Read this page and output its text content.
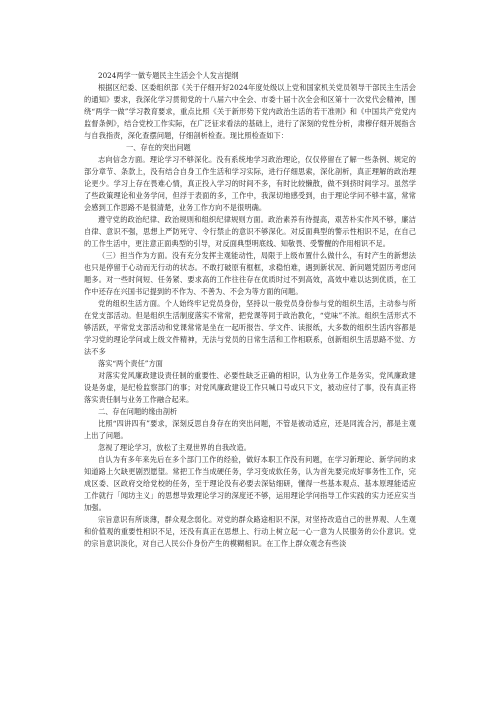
2024两学一做专题民主生活会个人发言提纲

根据区纪委、区委组织部《关于仔细开好2024年度处级以上党和国家机关党员领导干部民主生活会的通知》要求，我深化学习贯彻党的十八届六中全会、市委十届十次全会和区第十一次党代会精神，围绕“两学一做”学习教育要求，重点比照《关于新形势下党内政治生活的若干准则》和《中国共产党党内监督条例》，结合党校工作实际，在广泛征求看法的基础上，进行了深刻的党性分析，肃穆仔细开展指含与自我指责，深化查摆问题，仔细剖析检查。现比照检查如下：

一、存在的突出问题

志向信念方面。理论学习不够深化。没有系统地学习政治理论，仅仅停留在了解一些条例、规定的部分章节、条款上，没有结合自身工作生活和学习实际，进行仔细思索，深化剖析，真正理解的政治理论更少。学习上存在畏难心情，真正投入学习的时间不多，有时比较懒散，做不到挤时间学习。虽然学了些政策理论和业务学问，但浮于表面的多，工作中，我深切地感受到，由于理论学问不够丰富，常常会感到工作思路不是很清楚，业务工作方向不是很明确。

遵守党的政治纪律、政治规则和组织纪律规则方面。政治素养有待提高，艰苦朴实作风不够，廉洁自律、意识不强，思想上严防死守、令行禁止的意识不够深化。对反面典型的警示性相识不足，在自己的工作生活中，更注意正面典型的引导，对反面典型明底线、知敬畏、受警醒的作用相识不足。

（三）担当作为方面。没有充分发挥主观能动性，局限于上级布置什么做什么，有时产生的新想法也只是停留于心动而无行动的状态。不敢打破原有框框，求稳怕难，遇到新状况、新问题凭固历考虑问题多。对一些时间短、任务紧、要求高的工作往往存在优质时过不到高效，高效中难以达到优质，在工作中还存在兴国书记提到的不作为、不善为、不会为等方面的问题。

党的组织生活方面。个人始终牢记党员身份，坚持以一般党员身份参与党的组织生活，主动参与所在党支部活动。但是组织生活制度落实不常常，把党课等同于政治教化，“党味”不浓。组织生活形式不够活跃，平常党支部活动和党课常常是坐在一起听报告、学文件、读报纸，大多数的组织生活内容都是学习党的理论学问或上级文件精神，无法与党员的日常生活和工作相联系，创新组织生活思路不觉、方法不多

落实“两个责任”方面

对落实党风廉政建设责任制的重要性、必要性缺乏正确的相识，认为业务工作是务实，党风廉政建设是务虚，是纪检监察部门的事；对党风廉政建设工作只喊口号或只下文，被动应付了事，没有真正将落实责任制与业务工作融合起来。

二、存在问题的缘由剖析

比照“四讲四有”要求，深刻反思自身存在的突出问题，不管是被动适应，还是同流合污，都是主观上出了问题。

忽视了理论学习，放松了主观世界的自我改造。

自认为有多年来先后在多个部门工作的经验，做好本职工作没有问题，在学习新理论、新学问的求知道路上欠缺更剧烈愿望。常把工作当成硬任务，学习变成软任务，认为首先要完成好事务性工作，完成区委、区政府交给党校的任务，至于理论没有必要去深钻细研，懂得一些基本观点、基本原理能适应工作就行「闻坊主义」的思想导致理论学习的深度还不够，运用理论学问指导工作实践的实力还应实当加强。

宗旨意识有所谈薄，群众观念弱化。对党的群众路途相识不深，对坚持改造自己的世界观、人生观和价值观的重要性相识不足，还没有真正在思想上、行动上树立起一心一意为人民服务的公仆意识。党的宗旨意识淡化，对自己人民公仆身份产生的模糊相识。在工作上群众观念有些淡
